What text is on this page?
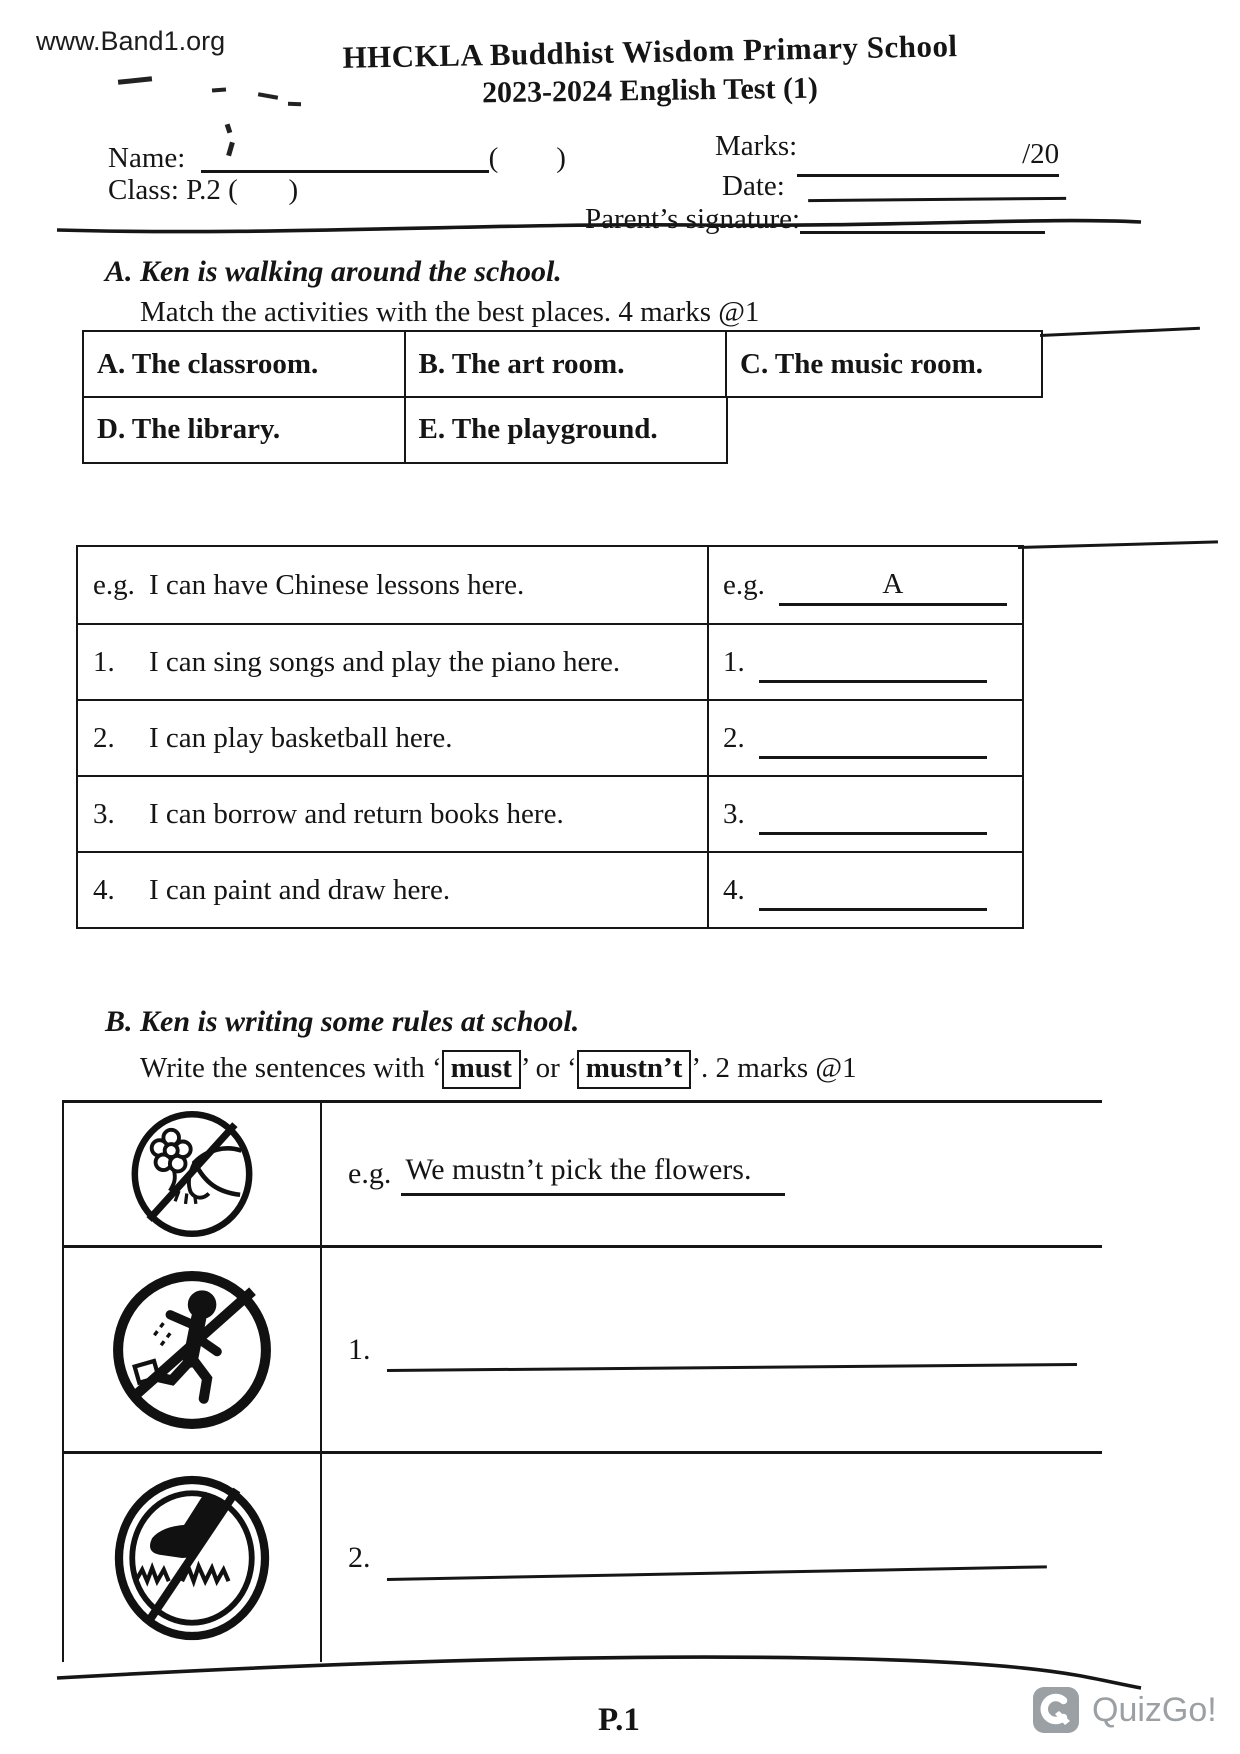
www.Band1.org	HHCKLA Buddhist Wisdom Primary School
2023-2024 English Test (1)
Name:	(        )
Class: P.2 (       )
Marks:	/20
Date:
Parent’s signature:
A. Ken is walking around the school.
Match the activities with the best places. 4 marks @1
A. The classroom.	B. The art room.	C. The music room.
D. The library.	E. The playground.
e.g. I can have Chinese lessons here.	e.g.	A
1.	I can sing songs and play the piano here.	1.
2.	I can play basketball here.	2.
3.	I can borrow and return books here.	3.
4.	I can paint and draw here.	4.
B. Ken is writing some rules at school.
Write the sentences with ‘ must ’ or ‘ mustn’t ’. 2 marks @1
e.g. We mustn’t pick the flowers.
1.
2.
P.1	QuizGo!
